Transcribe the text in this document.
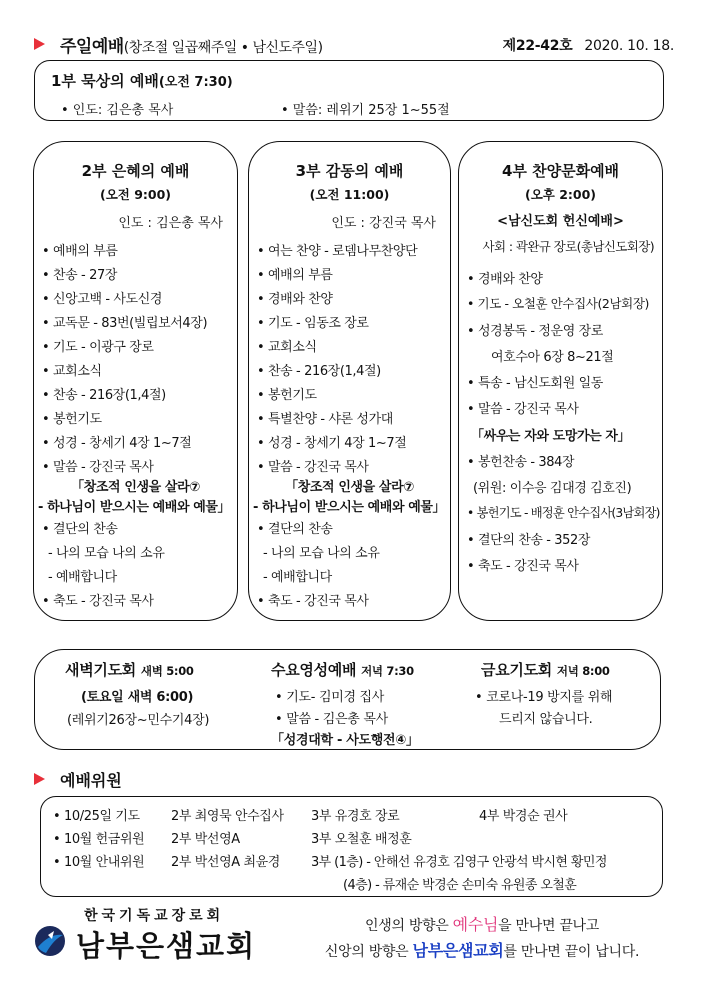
주일예배(창조절 일곱째주일 • 남신도주일)	제22-42호 2020. 10. 18.
1부 묵상의 예배(오전 7:30)
• 인도: 김은총 목사	• 말씀: 레위기 25장 1~55절
2부 은혜의 예배
(오전 9:00)
인도 : 김은총 목사
• 예배의 부름
• 찬송 - 27장
• 신앙고백 - 사도신경
• 교독문 - 83번(빌립보서4장)
• 기도 - 이광구 장로
• 교회소식
• 찬송 - 216장(1,4절)
• 봉헌기도
• 성경 - 창세기 4장 1~7절
• 말씀 - 강진국 목사
「창조적 인생을 살라⑦
- 하나님이 받으시는 예배와 예물」
• 결단의 찬송
- 나의 모습 나의 소유
- 예배합니다
• 축도 - 강진국 목사
3부 감동의 예배
(오전 11:00)
인도 : 강진국 목사
• 여는 찬양 - 로뎀나무찬양단
• 예배의 부름
• 경배와 찬양
• 기도 - 임동조 장로
• 교회소식
• 찬송 - 216장(1,4절)
• 봉헌기도
• 특별찬양 - 샤론 성가대
• 성경 - 창세기 4장 1~7절
• 말씀 - 강진국 목사
「창조적 인생을 살라⑦
- 하나님이 받으시는 예배와 예물」
• 결단의 찬송
- 나의 모습 나의 소유
- 예배합니다
• 축도 - 강진국 목사
4부 찬양문화예배
(오후 2:00)
<남신도회 헌신예배>
사회 : 곽완규 장로(총남신도회장)
• 경배와 찬양
• 기도 - 오철훈 안수집사(2남회장)
• 성경봉독 - 정운영 장로
여호수아 6장 8~21절
• 특송 - 남신도회원 일동
• 말씀 - 강진국 목사
「싸우는 자와 도망가는 자」
• 봉헌찬송 - 384장
(위원: 이수응 김대경 김호진)
• 봉헌기도 - 배정훈 안수집사(3남회장)
• 결단의 찬송 - 352장
• 축도 - 강진국 목사
새벽기도회 새벽 5:00
(토요일 새벽 6:00)
(레위기26장~민수기4장)
수요영성예배 저녁 7:30
• 기도- 김미경 집사
• 말씀 - 김은총 목사
「성경대학 - 사도행전④」
금요기도회 저녁 8:00
• 코로나-19 방지를 위해
드리지 않습니다.
예배위원
• 10/25일 기도 2부 최영묵 안수집사 3부 유경호 장로	4부 박경순 권사
• 10월 헌금위원 2부 박선영A	3부 오철훈 배정훈
• 10월 안내위원 2부 박선영A 최윤경 3부 (1층) - 안해선 유경호 김영구 안광석 박시현 황민정
(4층) - 류재순 박경순 손미숙 유원종 오철훈
한국기독교장로회
남부은샘교회
인생의 방향은 예수님을 만나면 끝나고
신앙의 방향은 남부은샘교회를 만나면 끝이 납니다.
